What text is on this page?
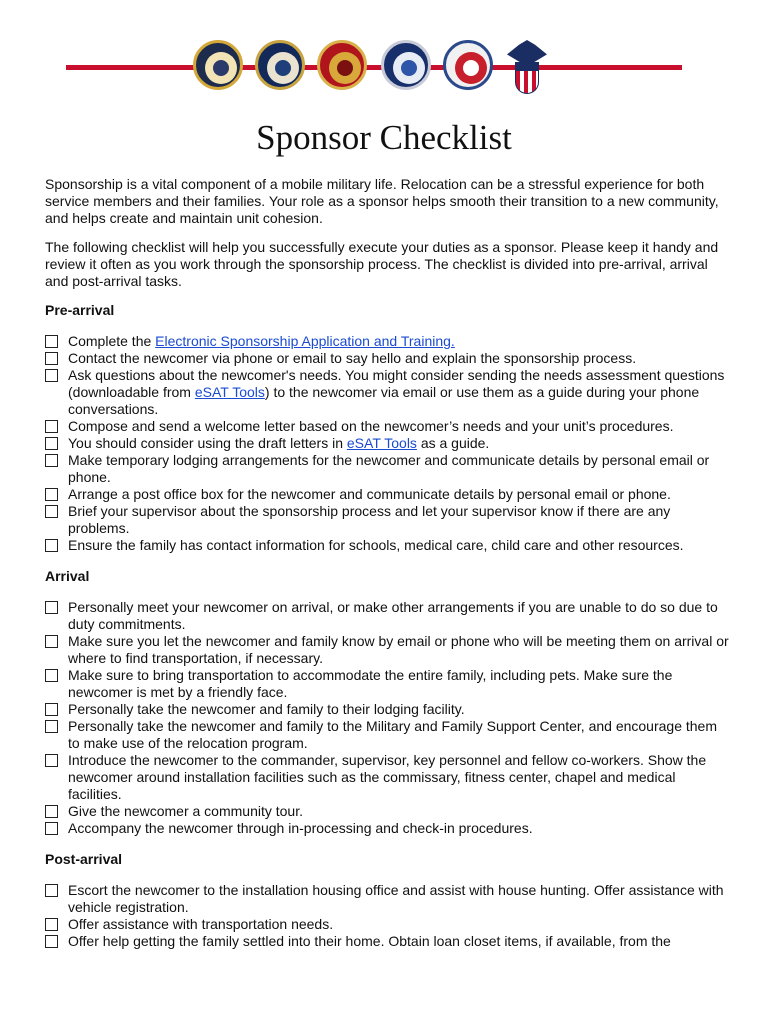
Sponsor Checklist

Sponsorship is a vital component of a mobile military life. Relocation can be a stressful experience for both service members and their families. Your role as a sponsor helps smooth their transition to a new community, and helps create and maintain unit cohesion.

The following checklist will help you successfully execute your duties as a sponsor. Please keep it handy and review it often as you work through the sponsorship process. The checklist is divided into pre-arrival, arrival and post-arrival tasks.

Pre-arrival
Complete the Electronic Sponsorship Application and Training.
Contact the newcomer via phone or email to say hello and explain the sponsorship process.
Ask questions about the newcomer's needs. You might consider sending the needs assessment questions (downloadable from eSAT Tools) to the newcomer via email or use them as a guide during your phone conversations.
Compose and send a welcome letter based on the newcomer’s needs and your unit’s procedures.
You should consider using the draft letters in eSAT Tools as a guide.
Make temporary lodging arrangements for the newcomer and communicate details by personal email or phone.
Arrange a post office box for the newcomer and communicate details by personal email or phone.
Brief your supervisor about the sponsorship process and let your supervisor know if there are any problems.
Ensure the family has contact information for schools, medical care, child care and other resources.
Arrival
Personally meet your newcomer on arrival, or make other arrangements if you are unable to do so due to duty commitments.
Make sure you let the newcomer and family know by email or phone who will be meeting them on arrival or where to find transportation, if necessary.
Make sure to bring transportation to accommodate the entire family, including pets. Make sure the newcomer is met by a friendly face.
Personally take the newcomer and family to their lodging facility.
Personally take the newcomer and family to the Military and Family Support Center, and encourage them to make use of the relocation program.
Introduce the newcomer to the commander, supervisor, key personnel and fellow co-workers. Show the newcomer around installation facilities such as the commissary, fitness center, chapel and medical facilities.
Give the newcomer a community tour.
Accompany the newcomer through in-processing and check-in procedures.
Post-arrival
Escort the newcomer to the installation housing office and assist with house hunting. Offer assistance with vehicle registration.
Offer assistance with transportation needs.
Offer help getting the family settled into their home. Obtain loan closet items, if available, from the
